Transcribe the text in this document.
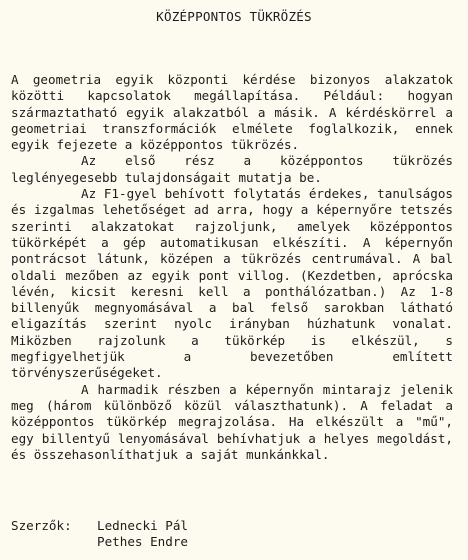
KÖZÉPPONTOS TÜKRÖZÉS

A geometria egyik központi kérdése bizonyos alakzatok közötti kapcsolatok megállapítása. Például: hogyan származtatható egyik alakzatból a másik. A kérdéskörrel a geometriai transzformációk elmélete foglalkozik, ennek egyik fejezete a középpontos tükrözés.

Az első rész a középpontos tükrözés leglényegesebb tulajdonságait mutatja be.

Az F1-gyel behívott folytatás érdekes, tanulságos és izgalmas lehetőséget ad arra, hogy a képernyőre tetszés szerinti alakzatokat rajzoljunk, amelyek középpontos tükörképét a gép automatikusan elkészíti. A képernyőn pontrácsot látunk, középen a tükrözés centrumával. A bal oldali mezőben az egyik pont villog. (Kezdetben, aprócska lévén, kicsit keresni kell a ponthálózatban.) Az 1-8 billenyűk megnyomásával a bal felső sarokban látható eligazítás szerint nyolc irányban húzhatunk vonalat. Miközben rajzolunk a tükörkép is elkészül, s megfigyelhetjük a bevezetőben említett törvényszerűségeket.

A harmadik részben a képernyőn mintarajz jelenik meg (három különböző közül választhatunk). A feladat a középpontos tükörkép megrajzolása. Ha elkészült a "mű", egy billentyű lenyomásával behívhatjuk a helyes megoldást, és összehasonlíthatjuk a saját munkánkkal.

Szerzők:	Lednecki Pál
Pethes Endre
